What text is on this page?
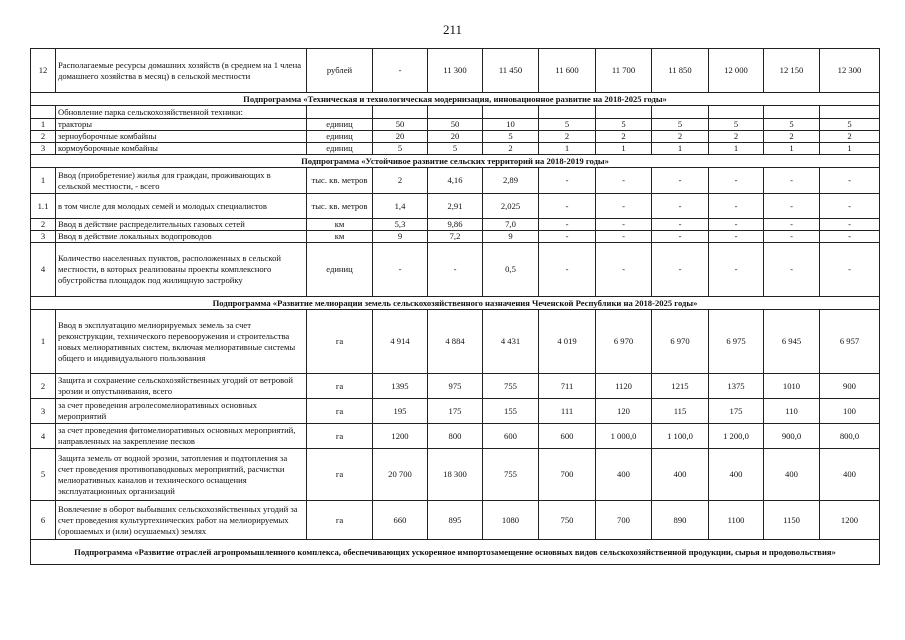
211
12	Располагаемые ресурсы домашних хозяйств (в среднем на 1 члена домашнего хозяйства в месяц) в сельской местности	рублей	-	11 300	11 450	11 600	11 700	11 850	12 000	12 150	12 300
Подпрограмма «Техническая и технологическая модернизация, инновационное развитие на 2018-2025 годы»											
	Обновление парка сельскохозяйственной техники:										
1	тракторы	единиц	50	50	10	5	5	5	5	5	5
2	зерноуборочные комбайны	единиц	20	20	5	2	2	2	2	2	2
3	кормоуборочные комбайны	единиц	5	5	2	1	1	1	1	1	1
Подпрограмма «Устойчивое развитие сельских территорий на 2018-2019 годы»											
1	Ввод (приобретение) жилья для граждан, проживающих в сельской местности, - всего	тыс. кв. метров	2	4,16	2,89	-	-	-	-	-	-
1.1	в том числе для молодых семей и молодых специалистов	тыс. кв. метров	1,4	2,91	2,025	-	-	-	-	-	-
2	Ввод в действие распределительных газовых сетей	км	5,3	9,86	7,0	-	-	-	-	-	-
3	Ввод в действие локальных водопроводов	км	9	7,2	9	-	-	-	-	-	-
4	Количество населенных пунктов, расположенных в сельской местности, в которых реализованы проекты комплексного обустройства площадок под жилищную застройку	единиц	-	-	0,5	-	-	-	-	-	-
Подпрограмма «Развитие мелиорации земель сельскохозяйственного назначения Чеченской Республики на 2018-2025 годы»											
1	Ввод в эксплуатацию мелиорируемых земель за счет реконструкции, технического перевооружения и строительства новых мелиоративных систем, включая мелиоративные системы общего и индивидуального пользования	га	4 914	4 884	4 431	4 019	6 970	6 970	6 975	6 945	6 957
2	Защита и сохранение сельскохозяйственных угодий от ветровой эрозии и опустынивания, всего	га	1395	975	755	711	1120	1215	1375	1010	900
3	за счет проведения агролесомелиоративных основных мероприятий	га	195	175	155	111	120	115	175	110	100
4	за счет проведения фитомелиоративных основных мероприятий, направленных на закрепление песков	га	1200	800	600	600	1 000,0	1 100,0	1 200,0	900,0	800,0
5	Защита земель от водной эрозии, затопления и подтопления за счет проведения противопаводковых мероприятий, расчистки мелиоративных каналов и технического оснащения эксплуатационных организаций	га	20 700	18 300	755	700	400	400	400	400	400
6	Вовлечение в оборот выбывших сельскохозяйственных угодий за счет проведения культуртехнических работ на мелиорируемых (орошаемых и (или) осушаемых) землях	га	660	895	1080	750	700	890	1100	1150	1200
Подпрограмма «Развитие отраслей агропромышленного комплекса, обеспечивающих ускоренное импортозамещение основных видов сельскохозяйственной продукции, сырья и продовольствия»											
